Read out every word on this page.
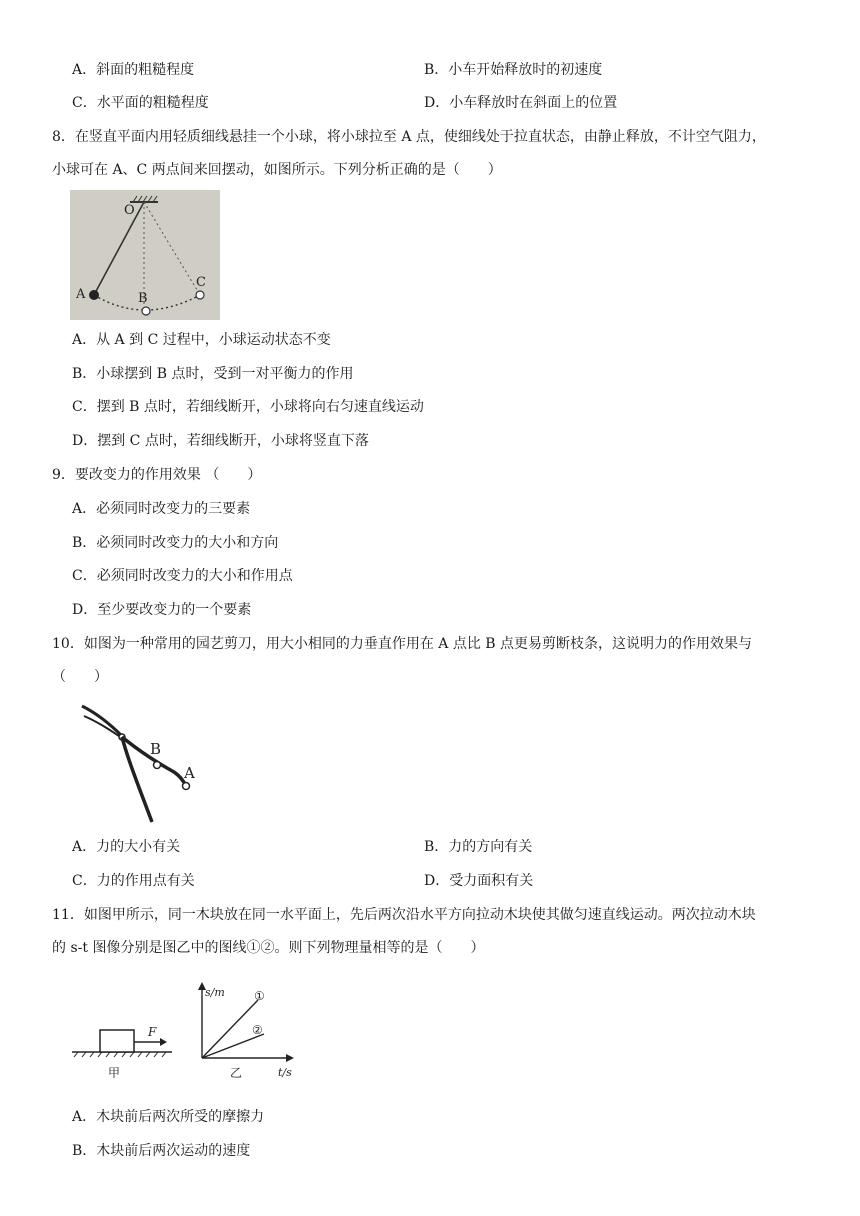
A．斜面的粗糙程度	B．小车开始释放时的初速度
C．水平面的粗糙程度	D．小车释放时在斜面上的位置
8．在竖直平面内用轻质细线悬挂一个小球，将小球拉至 A 点，使细线处于拉直状态，由静止释放，不计空气阻力，
小球可在 A、C 两点间来回摆动，如图所示。下列分析正确的是（　　）
O
A	B
C
A．从 A 到 C 过程中，小球运动状态不变
B．小球摆到 B 点时，受到一对平衡力的作用
C．摆到 B 点时，若细线断开，小球将向右匀速直线运动
D．摆到 C 点时，若细线断开，小球将竖直下落
9．要改变力的作用效果 （　　）
A．必须同时改变力的三要素
B．必须同时改变力的大小和方向
C．必须同时改变力的大小和作用点
D．至少要改变力的一个要素
10．如图为一种常用的园艺剪刀，用大小相同的力垂直作用在 A 点比 B 点更易剪断枝条，这说明力的作用效果与
（　　）
B
A
A．力的大小有关	B．力的方向有关
C．力的作用点有关	D．受力面积有关
11．如图甲所示，同一木块放在同一水平面上，先后两次沿水平方向拉动木块使其做匀速直线运动。两次拉动木块
的 s-t 图像分别是图乙中的图线①②。则下列物理量相等的是（　　）
F
甲
s/m
t/s
①
②
乙
A．木块前后两次所受的摩擦力
B．木块前后两次运动的速度
